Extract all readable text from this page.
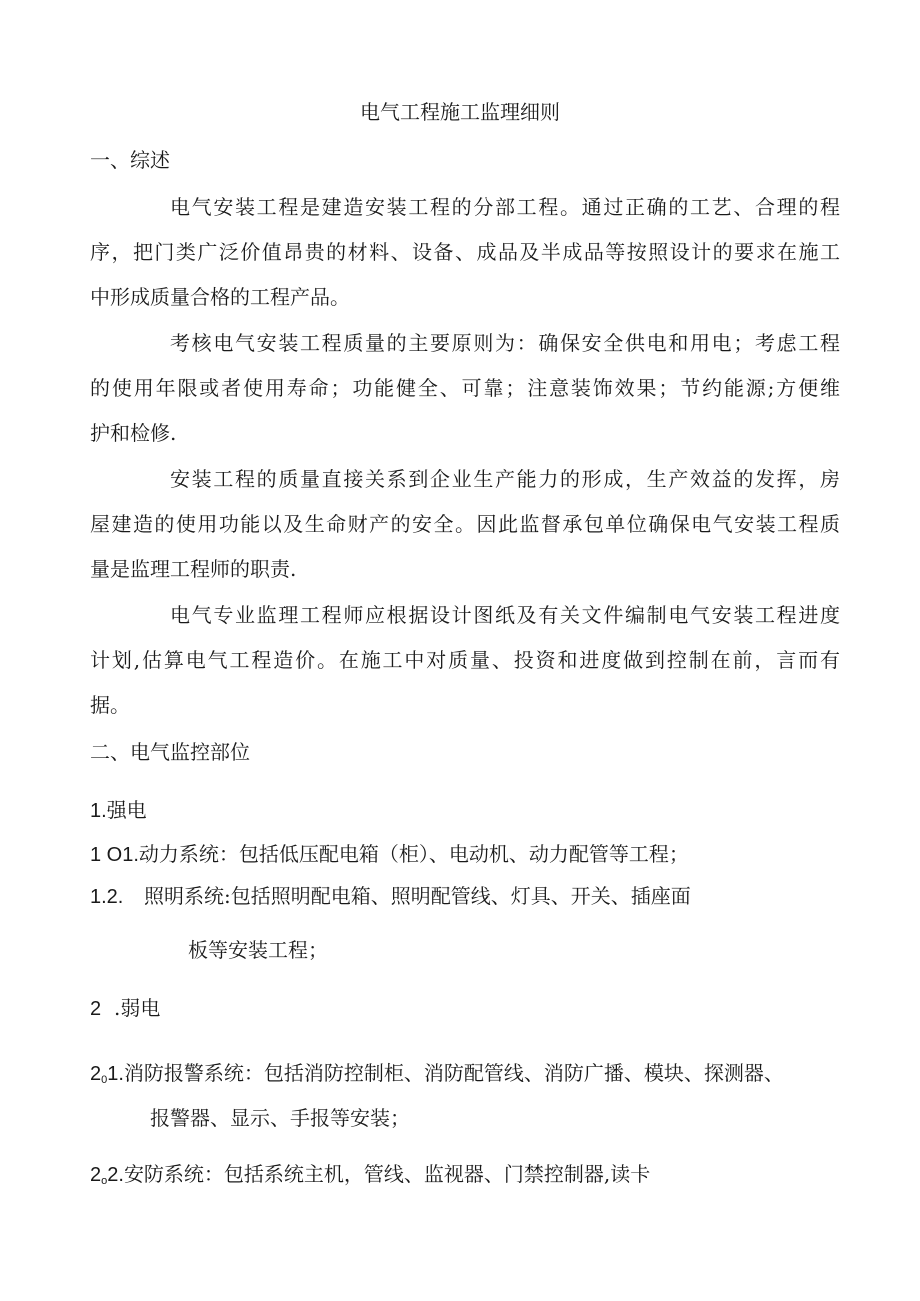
电气工程施工监理细则
一、综述
电气安装工程是建造安装工程的分部工程。通过正确的工艺、合理的程
序，把门类广泛价值昂贵的材料、设备、成品及半成品等按照设计的要求在施工
中形成质量合格的工程产品。
考核电气安装工程质量的主要原则为：确保安全供电和用电；考虑工程
的使用年限或者使用寿命；功能健全、可靠；注意装饰效果；节约能源;方便维
护和检修.
安装工程的质量直接关系到企业生产能力的形成，生产效益的发挥，房
屋建造的使用功能以及生命财产的安全。因此监督承包单位确保电气安装工程质
量是监理工程师的职责.
电气专业监理工程师应根据设计图纸及有关文件编制电气安装工程进度
计划,估算电气工程造价。在施工中对质量、投资和进度做到控制在前，言而有
据。
二、电气监控部位
1.强电
1 O1.动力系统：包括低压配电箱（柜）、电动机、动力配管等工程；
1.2. 照明系统:包括照明配电箱、照明配管线、灯具、开关、插座面
板等安装工程；
2 .弱电
$2_01$.消防报警系统：包括消防控制柜、消防配管线、消防广播、模块、探测器、
报警器、显示、手报等安装；
$2_o2$.安防系统：包括系统主机，管线、监视器、门禁控制器,读卡
